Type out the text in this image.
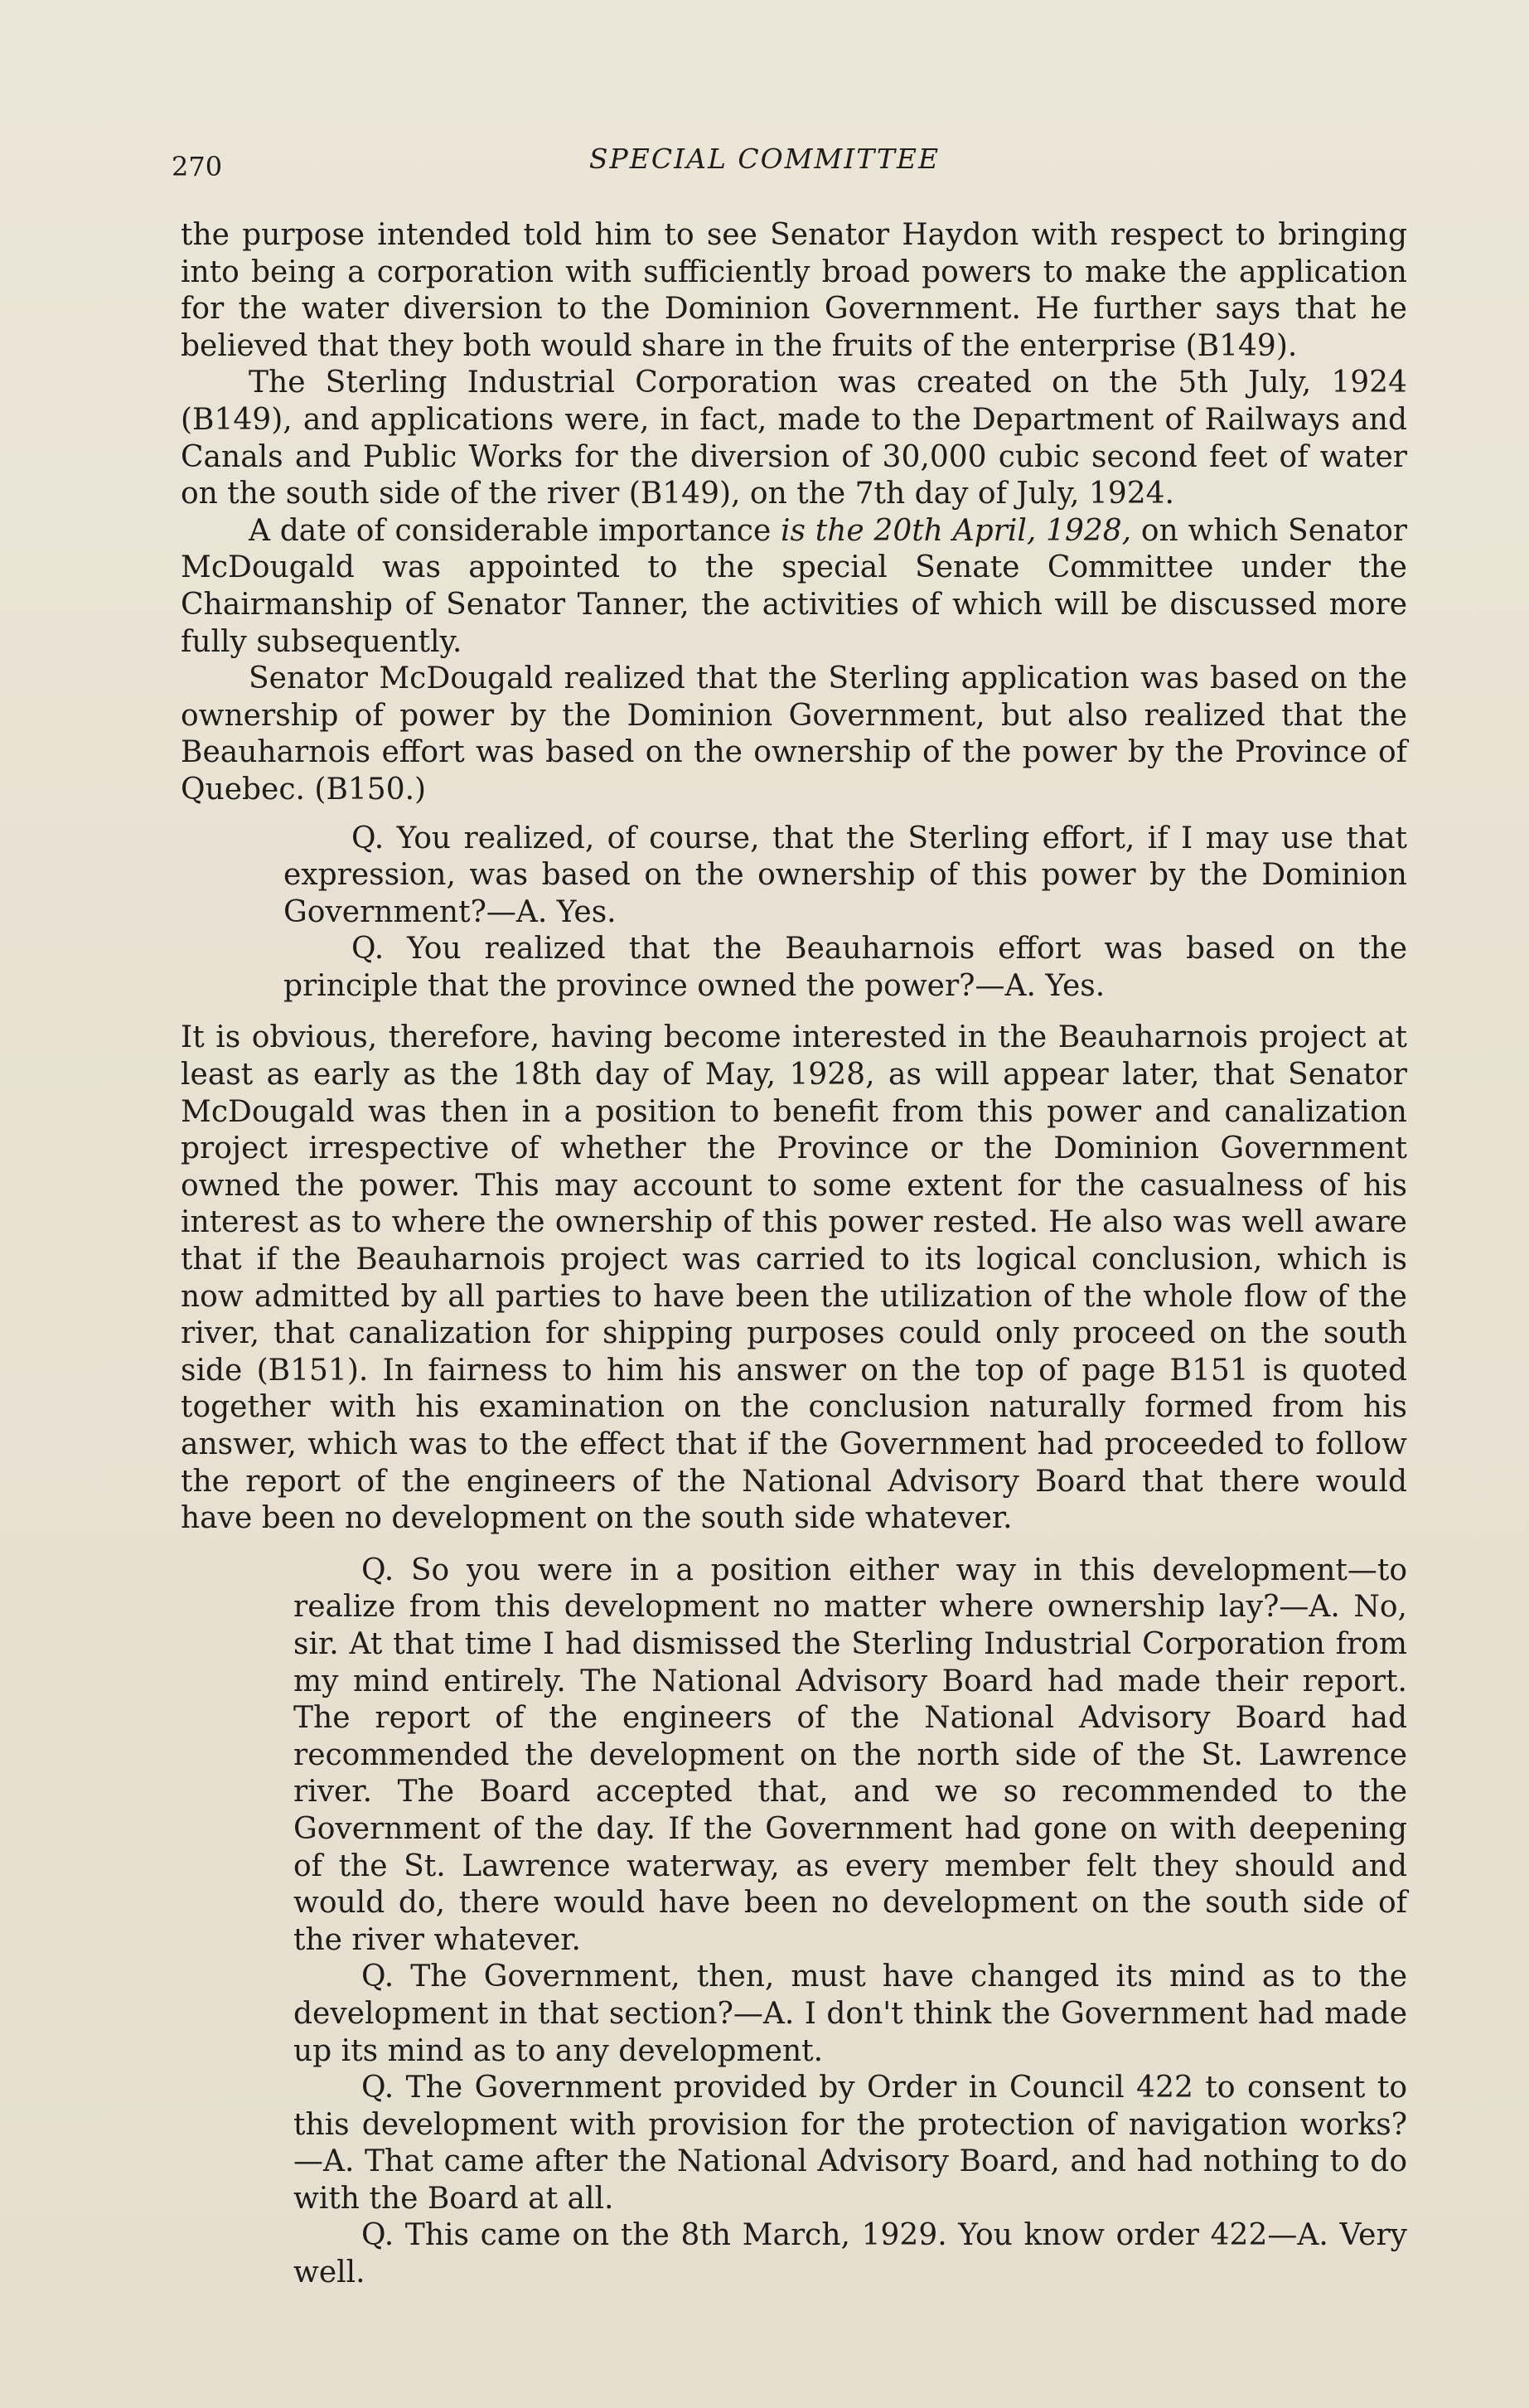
270	SPECIAL COMMITTEE

the purpose intended told him to see Senator Haydon with respect to bringing into being a corporation with sufficiently broad powers to make the application for the water diversion to the Dominion Government. He further says that he believed that they both would share in the fruits of the enterprise (B149).

The Sterling Industrial Corporation was created on the 5th July, 1924 (B149), and applications were, in fact, made to the Department of Railways and Canals and Public Works for the diversion of 30,000 cubic second feet of water on the south side of the river (B149), on the 7th day of July, 1924.

A date of considerable importance is the 20th April, 1928, on which Senator McDougald was appointed to the special Senate Committee under the Chairmanship of Senator Tanner, the activities of which will be discussed more fully subsequently.

Senator McDougald realized that the Sterling application was based on the ownership of power by the Dominion Government, but also realized that the Beauharnois effort was based on the ownership of the power by the Province of Quebec. (B150.)

Q. You realized, of course, that the Sterling effort, if I may use that expression, was based on the ownership of this power by the Dominion Government?—A. Yes.

Q. You realized that the Beauharnois effort was based on the principle that the province owned the power?—A. Yes.

It is obvious, therefore, having become interested in the Beauharnois project at least as early as the 18th day of May, 1928, as will appear later, that Senator McDougald was then in a position to benefit from this power and canalization project irrespective of whether the Province or the Dominion Government owned the power. This may account to some extent for the casualness of his interest as to where the ownership of this power rested. He also was well aware that if the Beauharnois project was carried to its logical conclusion, which is now admitted by all parties to have been the utilization of the whole flow of the river, that canalization for shipping purposes could only proceed on the south side (B151). In fairness to him his answer on the top of page B151 is quoted together with his examination on the conclusion naturally formed from his answer, which was to the effect that if the Government had proceeded to follow the report of the engineers of the National Advisory Board that there would have been no development on the south side whatever.

Q. So you were in a position either way in this development—to realize from this development no matter where ownership lay?—A. No, sir. At that time I had dismissed the Sterling Industrial Corporation from my mind entirely. The National Advisory Board had made their report. The report of the engineers of the National Advisory Board had recommended the development on the north side of the St. Lawrence river. The Board accepted that, and we so recommended to the Government of the day. If the Government had gone on with deepening of the St. Lawrence waterway, as every member felt they should and would do, there would have been no development on the south side of the river whatever.

Q. The Government, then, must have changed its mind as to the development in that section?—A. I don't think the Government had made up its mind as to any development.

Q. The Government provided by Order in Council 422 to consent to this development with provision for the protection of navigation works?—A. That came after the National Advisory Board, and had nothing to do with the Board at all.

Q. This came on the 8th March, 1929. You know order 422—A. Very well.
